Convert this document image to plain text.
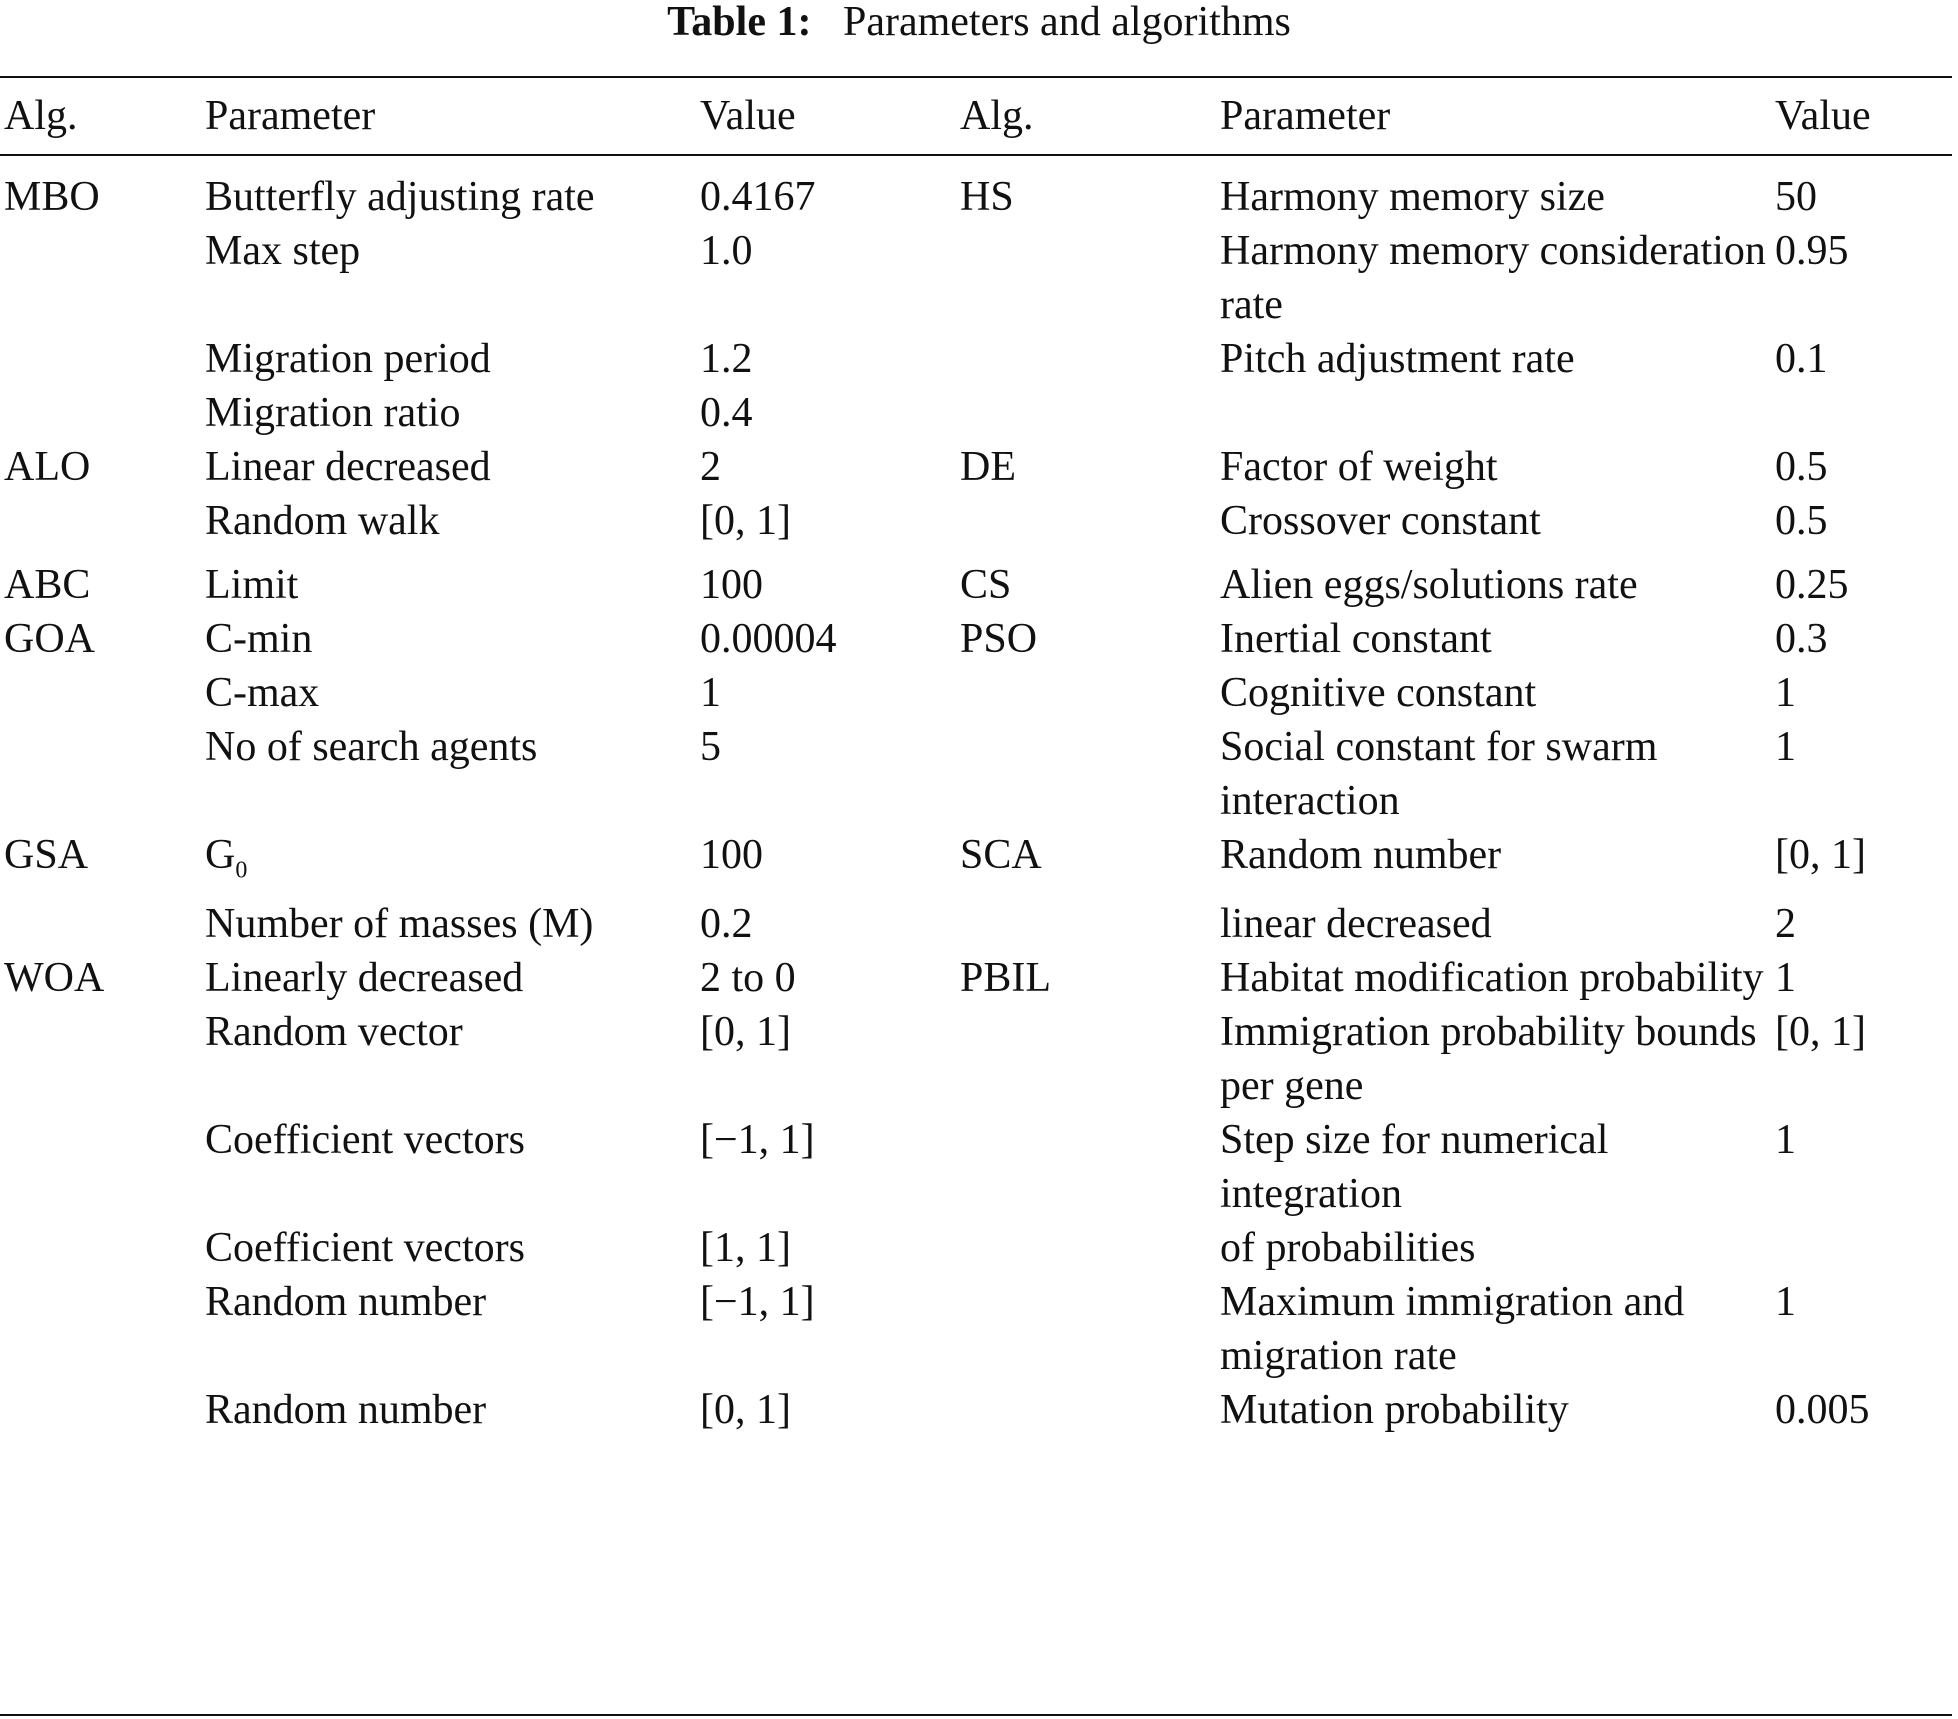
Table 1: Parameters and algorithms
Alg.	Parameter	Value	Alg.	Parameter	Value
MBO	Butterfly adjusting rate	0.4167	HS	Harmony memory size	50
	Max step	1.0		Harmony memory consideration rate	0.95
	Migration period	1.2		Pitch adjustment rate	0.1
	Migration ratio	0.4			
ALO	Linear decreased	2	DE	Factor of weight	0.5
	Random walk	[0, 1]		Crossover constant	0.5
ABC	Limit	100	CS	Alien eggs/solutions rate	0.25
GOA	C-min	0.00004	PSO	Inertial constant	0.3
	C-max	1		Cognitive constant	1
	No of search agents	5		Social constant for swarm interaction	1
GSA	$G_0$	100	SCA	Random number	[0, 1]
	Number of masses (M)	0.2		linear decreased	2
WOA	Linearly decreased	2 to 0	PBIL	Habitat modification probability	1
	Random vector	[0, 1]		Immigration probability bounds per gene	[0, 1]
	Coefficient vectors	[−1, 1]		Step size for numerical integration	1
	Coefficient vectors	[1, 1]		of probabilities	
	Random number	[−1, 1]		Maximum immigration and migration rate	1
	Random number	[0, 1]		Mutation probability	0.005
